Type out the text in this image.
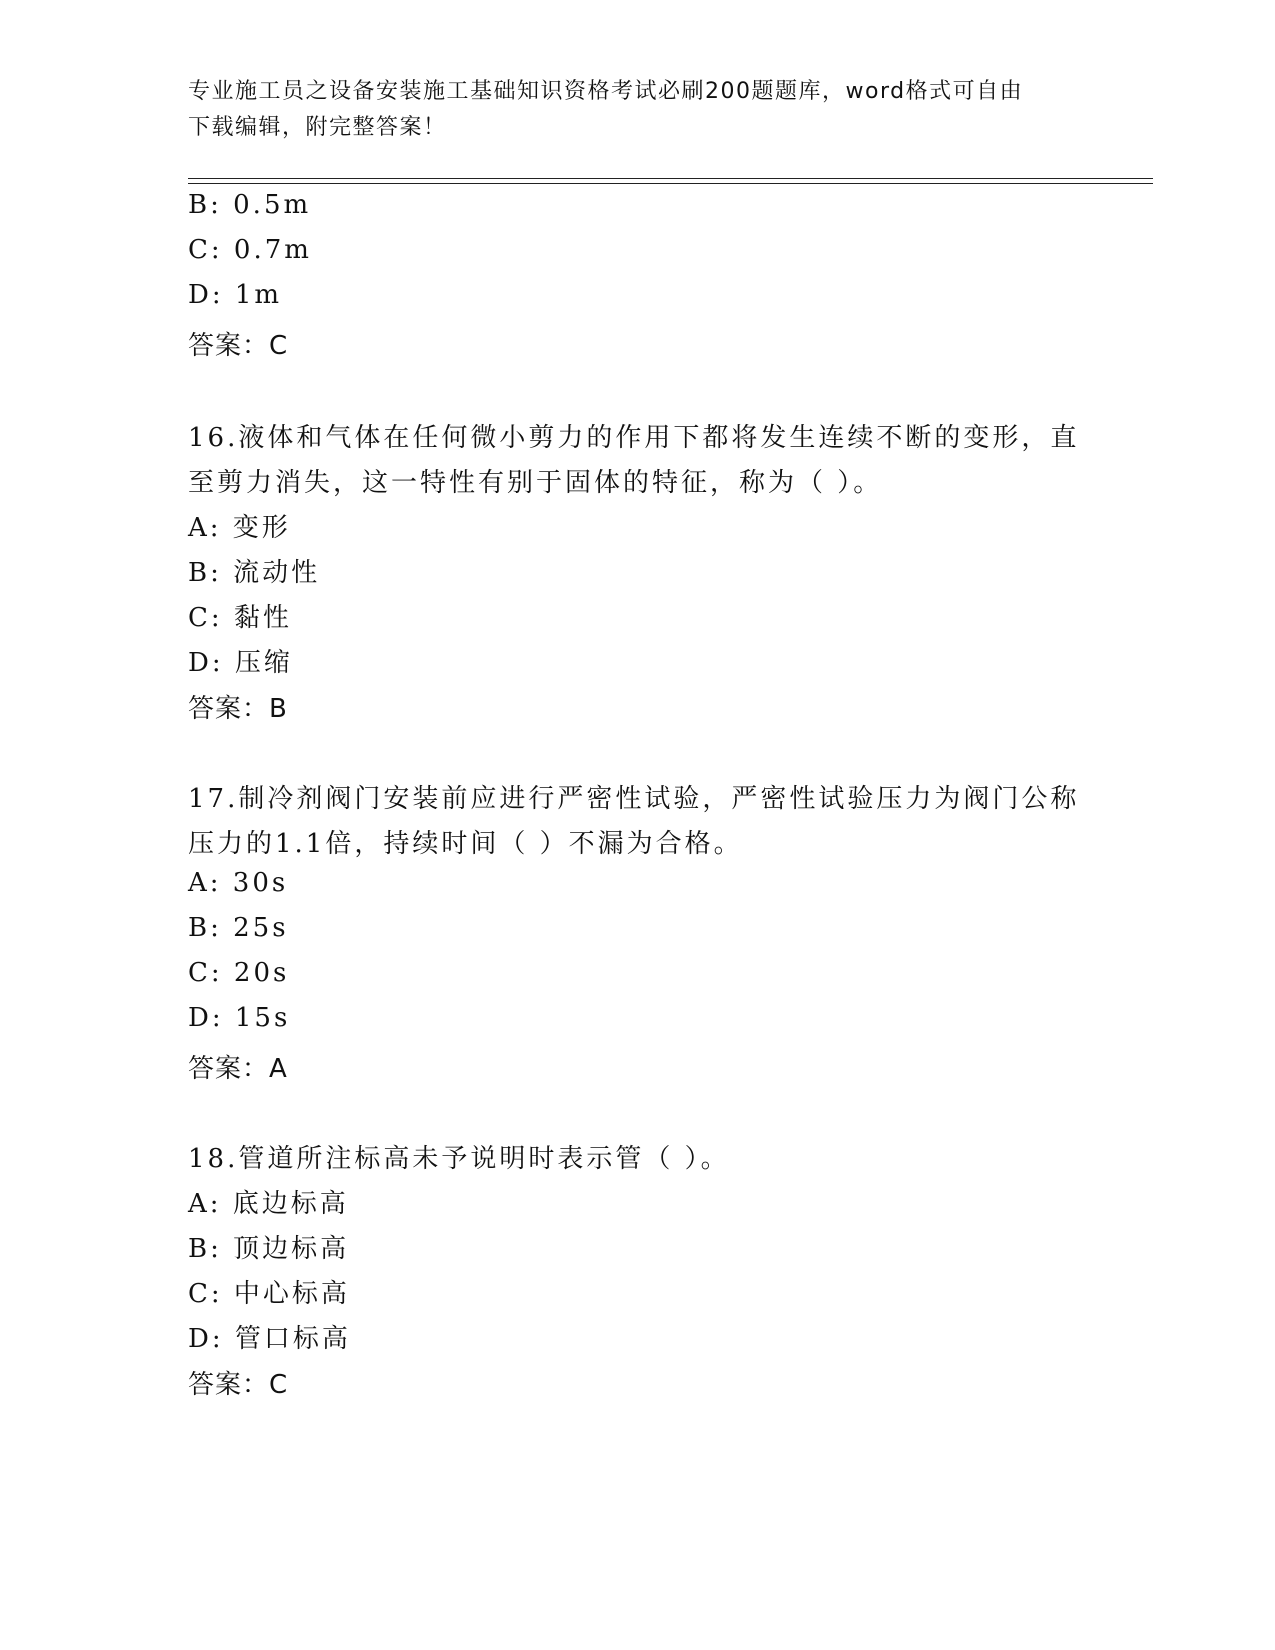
专业施工员之设备安装施工基础知识资格考试必刷200题题库，word格式可自由
下载编辑，附完整答案！
B: 0.5m
C: 0.7m
D: 1m
答案：C
16.液体和气体在任何微小剪力的作用下都将发生连续不断的变形，直
至剪力消失，这一特性有别于固体的特征，称为（ ）。
A: 变形
B: 流动性
C: 黏性
D: 压缩
答案：B
17.制冷剂阀门安装前应进行严密性试验，严密性试验压力为阀门公称
压力的1.1倍，持续时间（ ）不漏为合格。
A: 30s
B: 25s
C: 20s
D: 15s
答案：A
18.管道所注标高未予说明时表示管（ ）。
A: 底边标高
B: 顶边标高
C: 中心标高
D: 管口标高
答案：C
